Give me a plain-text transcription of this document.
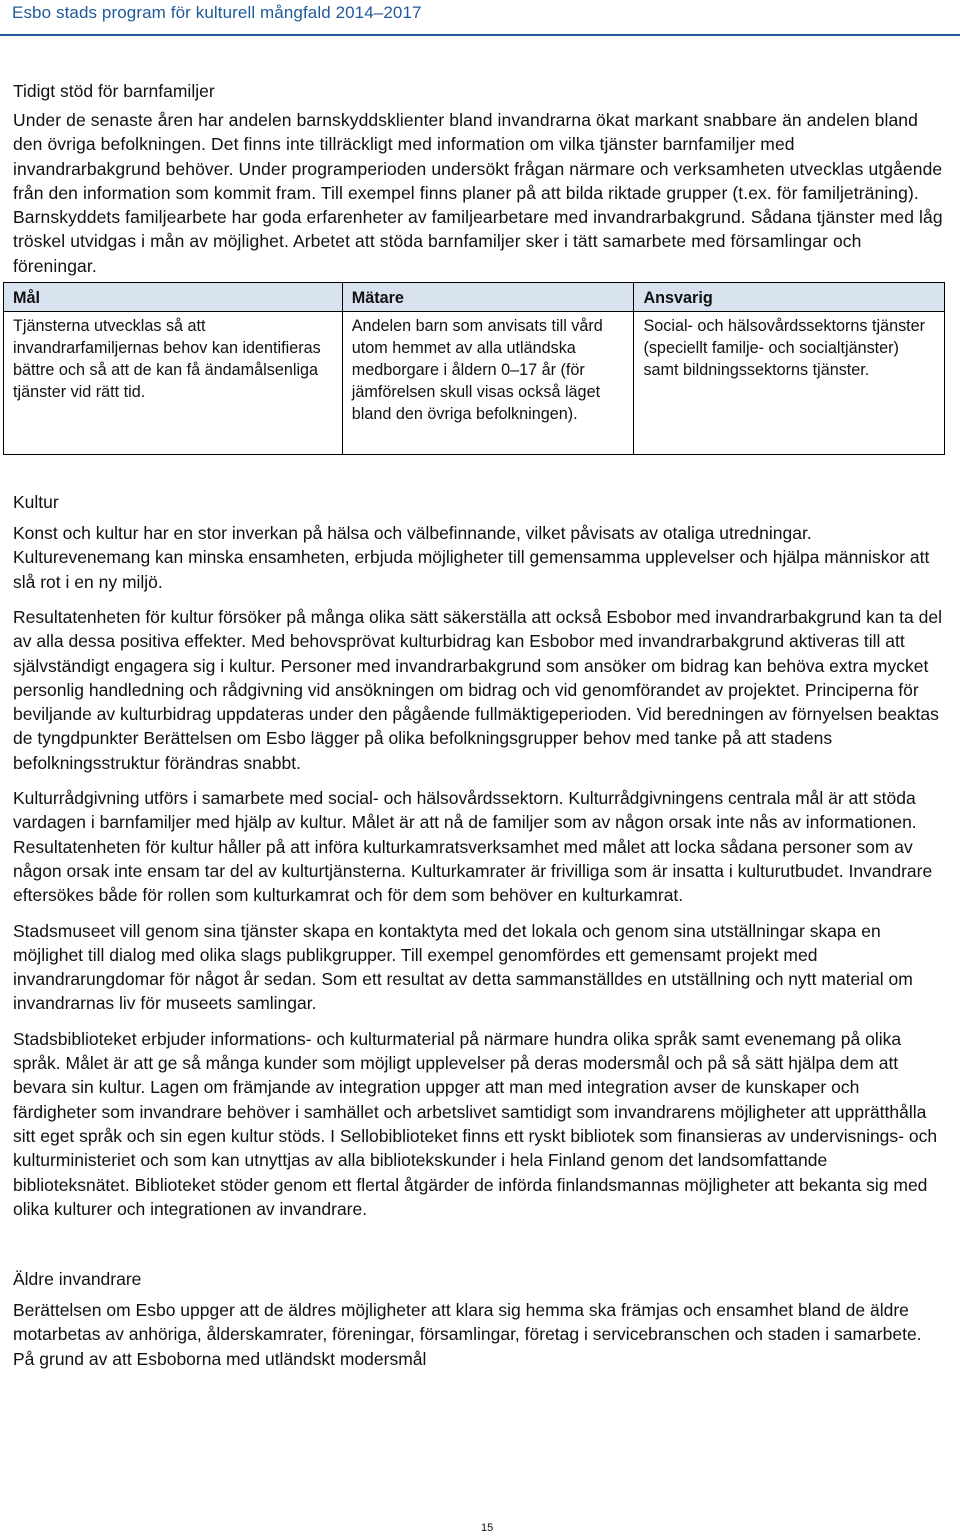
Esbo stads program för kulturell mångfald 2014–2017
Tidigt stöd för barnfamiljer

Under de senaste åren har andelen barnskyddsklienter bland invandrarna ökat markant snabbare än andelen bland den övriga befolkningen. Det finns inte tillräckligt med information om vilka tjänster barnfamiljer med invandrarbakgrund behöver. Under programperioden undersökt frågan närmare och verksamheten utvecklas utgående från den information som kommit fram. Till exempel finns planer på att bilda riktade grupper (t.ex. för familjeträning). Barnskyddets familjearbete har goda erfarenheter av familjearbetare med invandrarbakgrund. Sådana tjänster med låg tröskel utvidgas i mån av möjlighet. Arbetet att stöda barnfamiljer sker i tätt samarbete med församlingar och föreningar.

Mål	Mätare	Ansvarig
Tjänsterna utvecklas så att invandrarfamiljernas behov kan identifieras bättre och så att de kan få ändamålsenliga tjänster vid rätt tid.	Andelen barn som anvisats till vård utom hemmet av alla utländska medborgare i åldern 0–17 år (för jämförelsen skull visas också läget bland den övriga befolkningen).	Social- och hälsovårdssektorns tjänster (speciellt familje- och socialtjänster) samt bildningssektorns tjänster.
Kultur

Konst och kultur har en stor inverkan på hälsa och välbefinnande, vilket påvisats av otaliga utredningar. Kulturevenemang kan minska ensamheten, erbjuda möjligheter till gemensamma upplevelser och hjälpa människor att slå rot i en ny miljö.

Resultatenheten för kultur försöker på många olika sätt säkerställa att också Esbobor med invandrarbakgrund kan ta del av alla dessa positiva effekter. Med behovsprövat kulturbidrag kan Esbobor med invandrarbakgrund aktiveras till att självständigt engagera sig i kultur. Personer med invandrarbakgrund som ansöker om bidrag kan behöva extra mycket personlig handledning och rådgivning vid ansökningen om bidrag och vid genomförandet av projektet. Principerna för beviljande av kulturbidrag uppdateras under den pågående fullmäktigeperioden. Vid beredningen av förnyelsen beaktas de tyngdpunkter Berättelsen om Esbo lägger på olika befolkningsgrupper behov med tanke på att stadens befolkningsstruktur förändras snabbt.

Kulturrådgivning utförs i samarbete med social- och hälsovårdssektorn. Kulturrådgivningens centrala mål är att stöda vardagen i barnfamiljer med hjälp av kultur. Målet är att nå de familjer som av någon orsak inte nås av informationen. Resultatenheten för kultur håller på att införa kulturkamratsverksamhet med målet att locka sådana personer som av någon orsak inte ensam tar del av kulturtjänsterna. Kulturkamrater är frivilliga som är insatta i kulturutbudet. Invandrare eftersökes både för rollen som kulturkamrat och för dem som behöver en kulturkamrat.

Stadsmuseet vill genom sina tjänster skapa en kontaktyta med det lokala och genom sina utställningar skapa en möjlighet till dialog med olika slags publikgrupper. Till exempel genomfördes ett gemensamt projekt med invandrarungdomar för något år sedan. Som ett resultat av detta sammanställdes en utställning och nytt material om invandrarnas liv för museets samlingar.

Stadsbiblioteket erbjuder informations- och kulturmaterial på närmare hundra olika språk samt evenemang på olika språk. Målet är att ge så många kunder som möjligt upplevelser på deras modersmål och på så sätt hjälpa dem att bevara sin kultur. Lagen om främjande av integration uppger att man med integration avser de kunskaper och färdigheter som invandrare behöver i samhället och arbetslivet samtidigt som invandrarens möjligheter att upprätthålla sitt eget språk och sin egen kultur stöds. I Sellobiblioteket finns ett ryskt bibliotek som finansieras av undervisnings- och kulturministeriet och som kan utnyttjas av alla bibliotekskunder i hela Finland genom det landsomfattande biblioteksnätet. Biblioteket stöder genom ett flertal åtgärder de införda finlandsmannas möjligheter att bekanta sig med olika kulturer och integrationen av invandrare.

Äldre invandrare

Berättelsen om Esbo uppger att de äldres möjligheter att klara sig hemma ska främjas och ensamhet bland de äldre motarbetas av anhöriga, ålderskamrater, föreningar, församlingar, företag i servicebranschen och staden i samarbete. På grund av att Esboborna med utländskt modersmål

15
